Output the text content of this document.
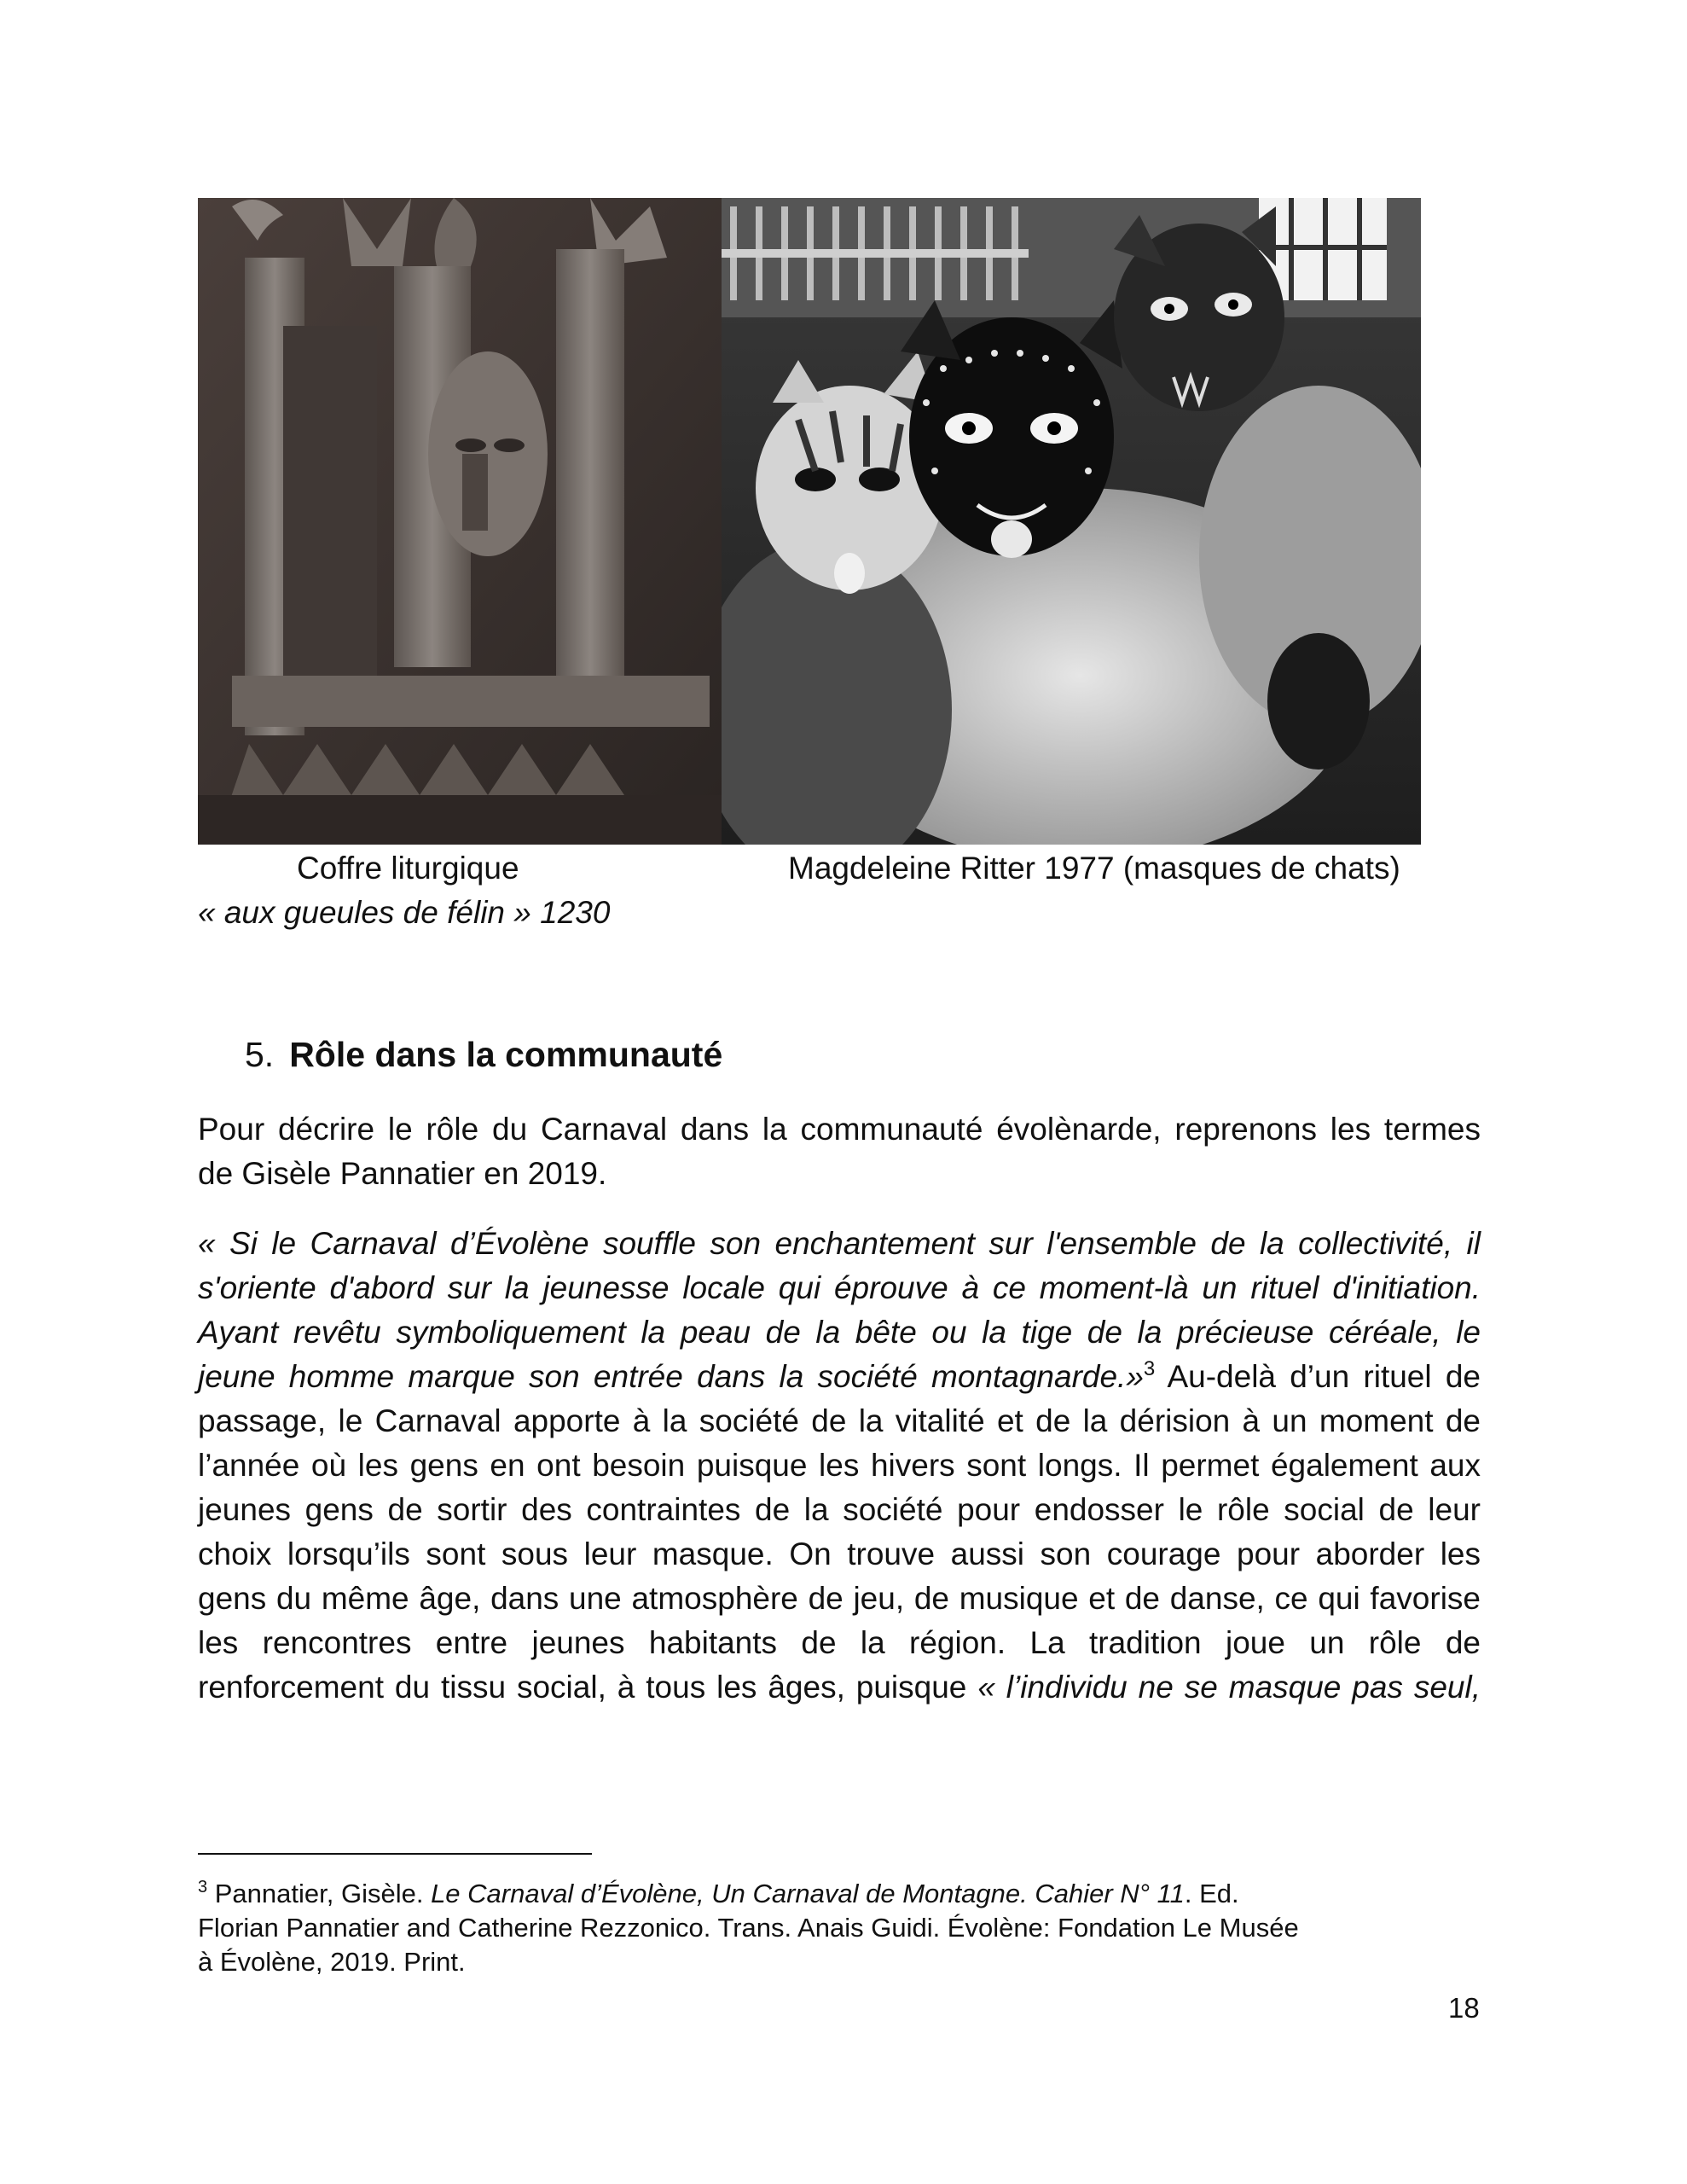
Coffre liturgique
« aux gueules de félin » 1230
Magdeleine Ritter 1977 (masques de chats)
5. Rôle dans la communauté
Pour décrire le rôle du Carnaval dans la communauté évolènarde, reprenons les termes
de Gisèle Pannatier en 2019.
« Si le Carnaval d’Évolène souffle son enchantement sur l'ensemble de la collectivité, il
s'oriente d'abord sur la jeunesse locale qui éprouve à ce moment-là un rituel d'initiation.
Ayant revêtu symboliquement la peau de la bête ou la tige de la précieuse céréale, le
jeune homme marque son entrée dans la société montagnarde.»$^3$ Au-delà d’un rituel de
passage, le Carnaval apporte à la société de la vitalité et de la dérision à un moment de
l’année où les gens en ont besoin puisque les hivers sont longs. Il permet également aux
jeunes gens de sortir des contraintes de la société pour endosser le rôle social de leur
choix lorsqu’ils sont sous leur masque. On trouve aussi son courage pour aborder les
gens du même âge, dans une atmosphère de jeu, de musique et de danse, ce qui favorise
les rencontres entre jeunes habitants de la région. La tradition joue un rôle de
renforcement du tissu social, à tous les âges, puisque « l’individu ne se masque pas seul,
$^3$ Pannatier, Gisèle. Le Carnaval d’Évolène, Un Carnaval de Montagne. Cahier N° 11. Ed.
Florian Pannatier and Catherine Rezzonico. Trans. Anais Guidi. Évolène: Fondation Le Musée
à Évolène, 2019. Print.
18
